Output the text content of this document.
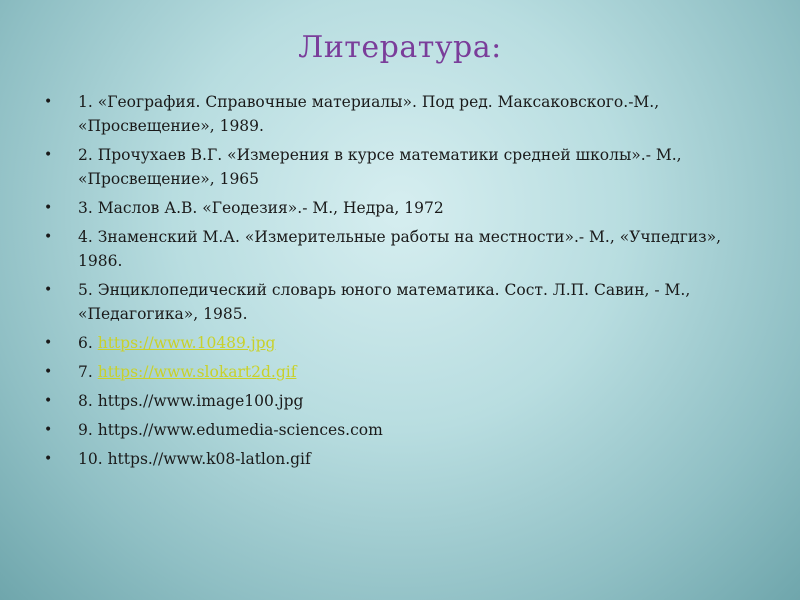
Литература:
• 1. «География. Справочные материалы». Под ред. Максаковского.-М., «Просвещение», 1989.
• 2. Прочухаев В.Г. «Измерения в курсе математики средней школы».- М., «Просвещение», 1965
• 3. Маслов А.В. «Геодезия».- М., Недра, 1972
• 4. Знаменский М.А. «Измерительные работы на местности».- М., «Учпедгиз», 1986.
• 5. Энциклопедический словарь юного математика. Сост. Л.П. Савин, - М., «Педагогика», 1985.
• 6. https://www.10489.jpg
• 7. https://www.slokart2d.gif
• 8. https.//www.image100.jpg
• 9. https.//www.edumedia-sciences.com
• 10. https.//www.k08-latlon.gif
